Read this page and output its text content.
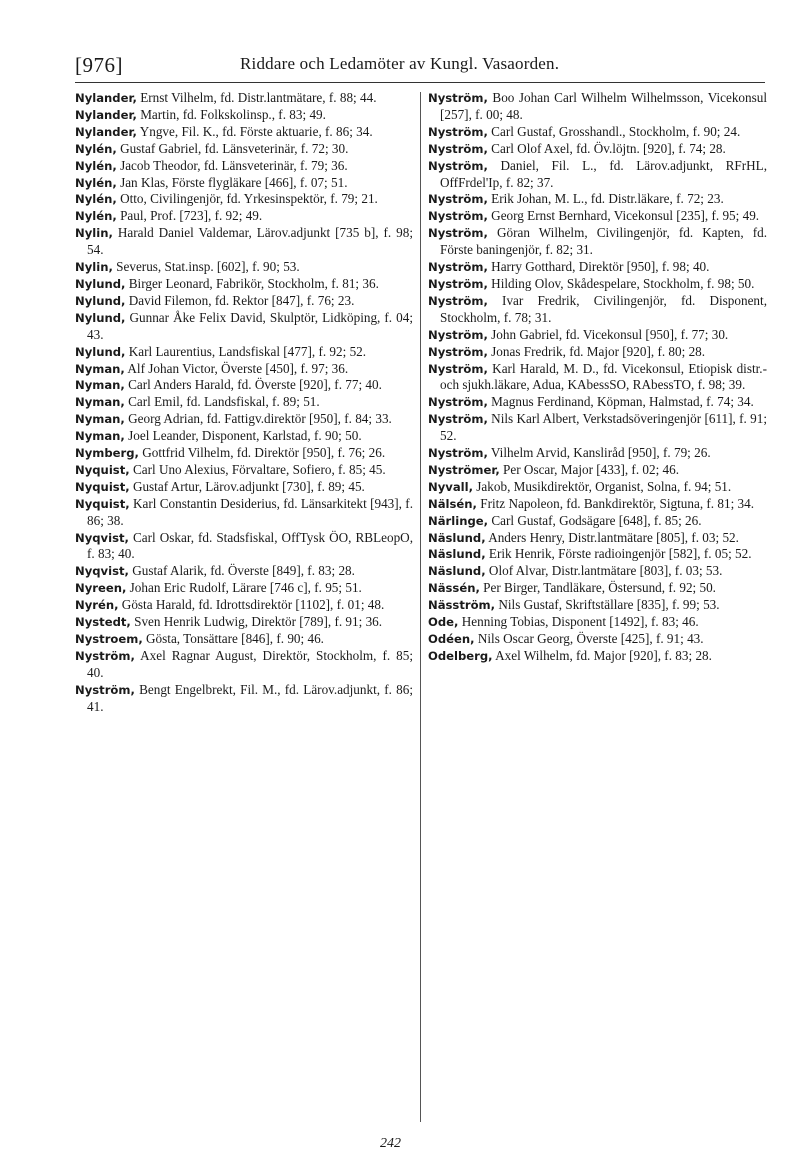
[976]	Riddare och Ledamöter av Kungl. Vasaorden.

Nylander, Ernst Vilhelm, fd. Distr.lantmätare, f. 88; 44.

Nylander, Martin, fd. Folkskolinsp., f. 83; 49.

Nylander, Yngve, Fil. K., fd. Förste aktuarie, f. 86; 34.

Nylén, Gustaf Gabriel, fd. Länsveterinär, f. 72; 30.

Nylén, Jacob Theodor, fd. Länsveterinär, f. 79; 36.

Nylén, Jan Klas, Förste flygläkare [466], f. 07; 51.

Nylén, Otto, Civilingenjör, fd. Yrkesinspektör, f. 79; 21.

Nylén, Paul, Prof. [723], f. 92; 49.

Nylin, Harald Daniel Valdemar, Lärov.adjunkt [735 b], f. 98; 54.

Nylin, Severus, Stat.insp. [602], f. 90; 53.

Nylund, Birger Leonard, Fabrikör, Stockholm, f. 81; 36.

Nylund, David Filemon, fd. Rektor [847], f. 76; 23.

Nylund, Gunnar Åke Felix David, Skulptör, Lidköping, f. 04; 43.

Nylund, Karl Laurentius, Landsfiskal [477], f. 92; 52.

Nyman, Alf Johan Victor, Överste [450], f. 97; 36.

Nyman, Carl Anders Harald, fd. Överste [920], f. 77; 40.

Nyman, Carl Emil, fd. Landsfiskal, f. 89; 51.

Nyman, Georg Adrian, fd. Fattigv.direktör [950], f. 84; 33.

Nyman, Joel Leander, Disponent, Karlstad, f. 90; 50.

Nymberg, Gottfrid Vilhelm, fd. Direktör [950], f. 76; 26.

Nyquist, Carl Uno Alexius, Förvaltare, Sofiero, f. 85; 45.

Nyquist, Gustaf Artur, Lärov.adjunkt [730], f. 89; 45.

Nyquist, Karl Constantin Desiderius, fd. Länsarkitekt [943], f. 86; 38.

Nyqvist, Carl Oskar, fd. Stadsfiskal, OffTysk ÖO, RBLeopO, f. 83; 40.

Nyqvist, Gustaf Alarik, fd. Överste [849], f. 83; 28.

Nyreen, Johan Eric Rudolf, Lärare [746 c], f. 95; 51.

Nyrén, Gösta Harald, fd. Idrottsdirektör [1102], f. 01; 48.

Nystedt, Sven Henrik Ludwig, Direktör [789], f. 91; 36.

Nystroem, Gösta, Tonsättare [846], f. 90; 46.

Nyström, Axel Ragnar August, Direktör, Stockholm, f. 85; 40.

Nyström, Bengt Engelbrekt, Fil. M., fd. Lärov.adjunkt, f. 86; 41.

Nyström, Boo Johan Carl Wilhelm Wilhelmsson, Vicekonsul [257], f. 00; 48.

Nyström, Carl Gustaf, Grosshandl., Stockholm, f. 90; 24.

Nyström, Carl Olof Axel, fd. Öv.löjtn. [920], f. 74; 28.

Nyström, Daniel, Fil. L., fd. Lärov.adjunkt, RFrHL, OffFrdel'Ip, f. 82; 37.

Nyström, Erik Johan, M. L., fd. Distr.läkare, f. 72; 23.

Nyström, Georg Ernst Bernhard, Vicekonsul [235], f. 95; 49.

Nyström, Göran Wilhelm, Civilingenjör, fd. Kapten, fd. Förste baningenjör, f. 82; 31.

Nyström, Harry Gotthard, Direktör [950], f. 98; 40.

Nyström, Hilding Olov, Skådespelare, Stockholm, f. 98; 50.

Nyström, Ivar Fredrik, Civilingenjör, fd. Disponent, Stockholm, f. 78; 31.

Nyström, John Gabriel, fd. Vicekonsul [950], f. 77; 30.

Nyström, Jonas Fredrik, fd. Major [920], f. 80; 28.

Nyström, Karl Harald, M. D., fd. Vicekonsul, Etiopisk distr.- och sjukh.läkare, Adua, KAbessSO, RAbessTO, f. 98; 39.

Nyström, Magnus Ferdinand, Köpman, Halmstad, f. 74; 34.

Nyström, Nils Karl Albert, Verkstadsöveringenjör [611], f. 91; 52.

Nyström, Vilhelm Arvid, Kansliråd [950], f. 79; 26.

Nyströmer, Per Oscar, Major [433], f. 02; 46.

Nyvall, Jakob, Musikdirektör, Organist, Solna, f. 94; 51.

Nälsén, Fritz Napoleon, fd. Bankdirektör, Sigtuna, f. 81; 34.

Närlinge, Carl Gustaf, Godsägare [648], f. 85; 26.

Näslund, Anders Henry, Distr.lantmätare [805], f. 03; 52.

Näslund, Erik Henrik, Förste radioingenjör [582], f. 05; 52.

Näslund, Olof Alvar, Distr.lantmätare [803], f. 03; 53.

Nässén, Per Birger, Tandläkare, Östersund, f. 92; 50.

Näsström, Nils Gustaf, Skriftställare [835], f. 99; 53.

Ode, Henning Tobias, Disponent [1492], f. 83; 46.

Odéen, Nils Oscar Georg, Överste [425], f. 91; 43.

Odelberg, Axel Wilhelm, fd. Major [920], f. 83; 28.

242
